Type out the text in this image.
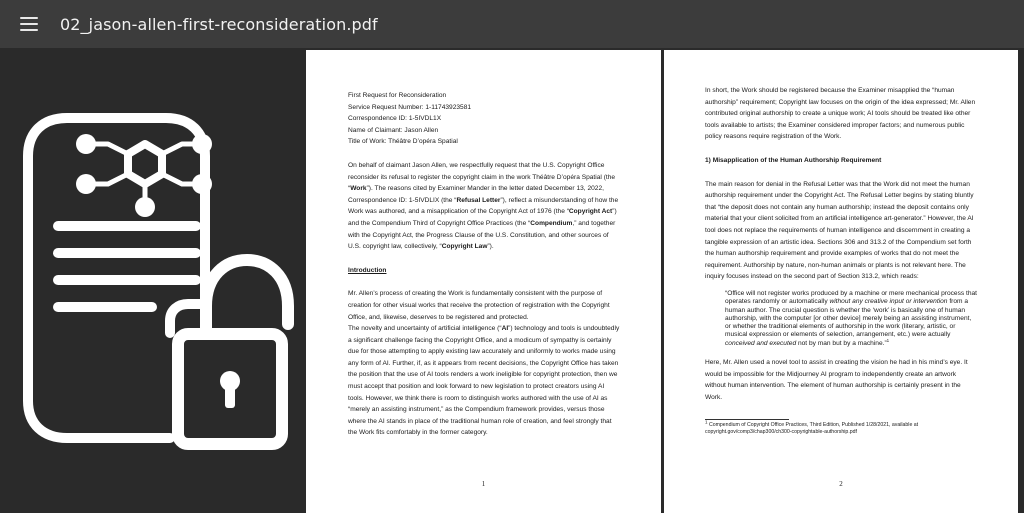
02_jason-allen-first-reconsideration.pdf
First Request for Reconsideration
Service Request Number: 1-11743923581
Correspondence ID: 1-5IVDL1X
Name of Claimant: Jason Allen
Title of Work: Théâtre D’opéra Spatial

On behalf of claimant Jason Allen, we respectfully request that the U.S. Copyright Office reconsider its refusal to register the copyright claim in the work Théâtre D’opéra Spatial (the “Work”). The reasons cited by Examiner Mander in the letter dated December 13, 2022, Correspondence ID: 1-5IVDLIX (the “Refusal Letter”), reflect a misunderstanding of how the Work was authored, and a misapplication of the Copyright Act of 1976 (the “Copyright Act”) and the Compendium Third of Copyright Office Practices (the “Compendium,” and together with the Copyright Act, the Progress Clause of the U.S. Constitution, and other sources of U.S. copyright law, collectively, “Copyright Law”).

Introduction

Mr. Allen’s process of creating the Work is fundamentally consistent with the purpose of creation for other visual works that receive the protection of registration with the Copyright Office, and, likewise, deserves to be registered and protected.

The novelty and uncertainty of artificial intelligence (“AI”) technology and tools is undoubtedly a significant challenge facing the Copyright Office, and a modicum of sympathy is certainly due for those attempting to apply existing law accurately and uniformly to works made using any form of AI. Further, if, as it appears from recent decisions, the Copyright Office has taken the position that the use of AI tools renders a work ineligible for copyright protection, then we must accept that position and look forward to new legislation to protect creators using AI tools. However, we think there is room to distinguish works authored with the use of AI as “merely an assisting instrument,” as the Compendium framework provides, versus those where the AI stands in place of the traditional human role of creation, and feel strongly that the Work fits comfortably in the former category.

1

In short, the Work should be registered because the Examiner misapplied the “human authorship” requirement; Copyright law focuses on the origin of the idea expressed; Mr. Allen contributed original authorship to create a unique work; AI tools should be treated like other tools available to artists; the Examiner considered improper factors; and numerous public policy reasons require registration of the Work.

1) Misapplication of the Human Authorship Requirement

The main reason for denial in the Refusal Letter was that the Work did not meet the human authorship requirement under the Copyright Act. The Refusal Letter begins by stating bluntly that “the deposit does not contain any human authorship; instead the deposit contains only material that your client solicited from an artificial intelligence art-generator.” However, the AI tool does not replace the requirements of human intelligence and discernment in creating a tangible expression of an artistic idea. Sections 306 and 313.2 of the Compendium set forth the human authorship requirement and provide examples of works that do not meet the requirement. Authorship by nature, non-human animals or plants is not relevant here. The inquiry focuses instead on the second part of Section 313.2, which reads:

“Office will not register works produced by a machine or mere mechanical process that operates randomly or automatically without any creative input or intervention from a human author. The crucial question is whether the ‘work’ is basically one of human authorship, with the computer [or other device] merely being an assisting instrument, or whether the traditional elements of authorship in the work (literary, artistic, or musical expression or elements of selection, arrangement, etc.) were actually conceived and executed not by man but by a machine.”$^1$

Here, Mr. Allen used a novel tool to assist in creating the vision he had in his mind’s eye. It would be impossible for the Midjourney AI program to independently create an artwork without human intervention. The element of human authorship is certainly present in the Work.

$^1$ Compendium of Copyright Office Practices, Third Edition, Published 1/28/2021, available at copyright.gov/comp3/chap300/ch300-copyrightable-authorship.pdf

2
